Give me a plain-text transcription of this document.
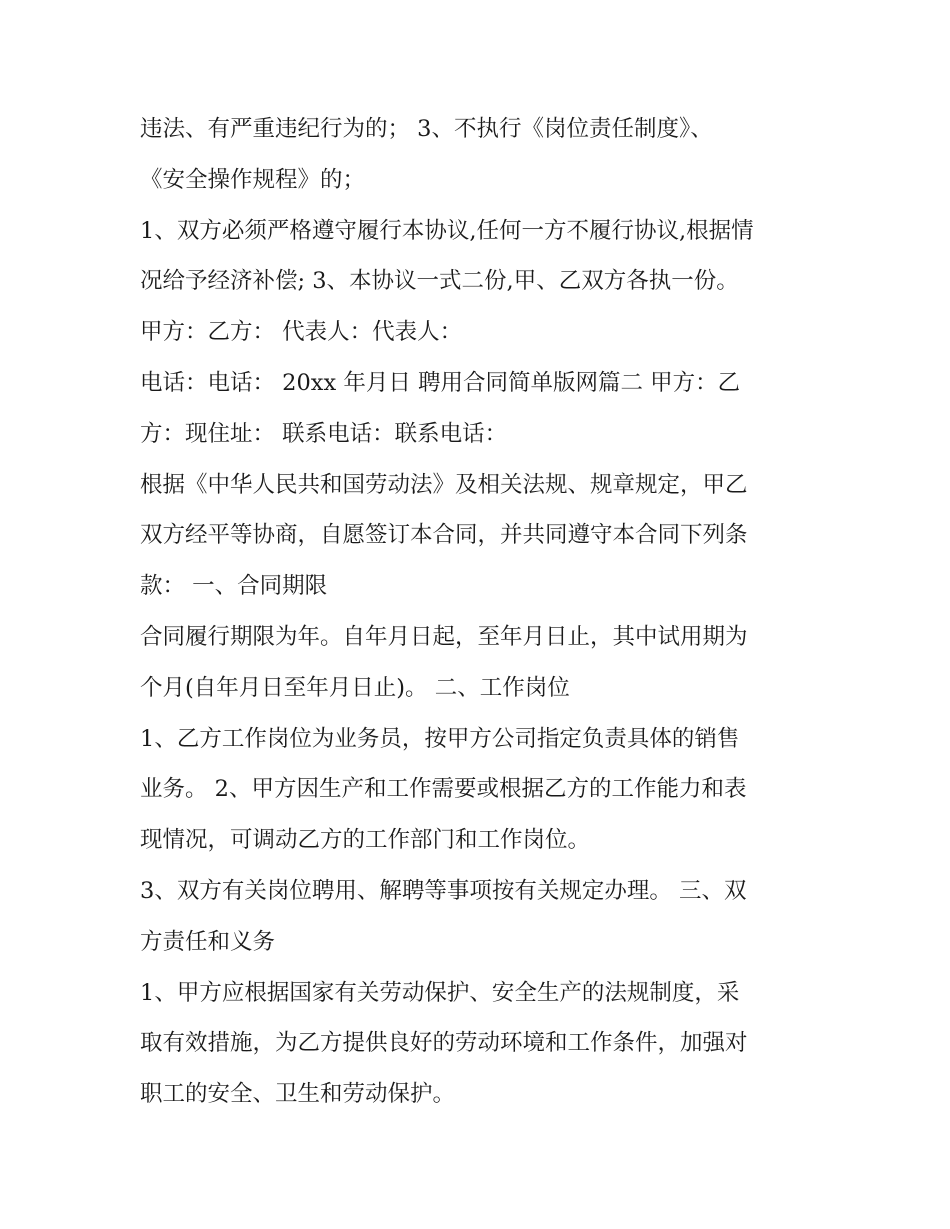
违法、有严重违纪行为的； 3、不执行《岗位责任制度》、
《安全操作规程》的；
1、双方必须严格遵守履行本协议,任何一方不履行协议,根据情
况给予经济补偿; 3、本协议一式二份,甲、乙双方各执一份。
甲方：乙方： 代表人：代表人：
电话：电话： 20xx 年月日 聘用合同简单版网篇二 甲方：乙
方：现住址： 联系电话：联系电话：
根据《中华人民共和国劳动法》及相关法规、规章规定，甲乙
双方经平等协商，自愿签订本合同，并共同遵守本合同下列条
款： 一、合同期限
合同履行期限为年。自年月日起，至年月日止，其中试用期为
个月(自年月日至年月日止)。 二、工作岗位
1、乙方工作岗位为业务员，按甲方公司指定负责具体的销售
业务。 2、甲方因生产和工作需要或根据乙方的工作能力和表
现情况，可调动乙方的工作部门和工作岗位。
3、双方有关岗位聘用、解聘等事项按有关规定办理。 三、双
方责任和义务
1、甲方应根据国家有关劳动保护、安全生产的法规制度，采
取有效措施，为乙方提供良好的劳动环境和工作条件，加强对
职工的安全、卫生和劳动保护。
